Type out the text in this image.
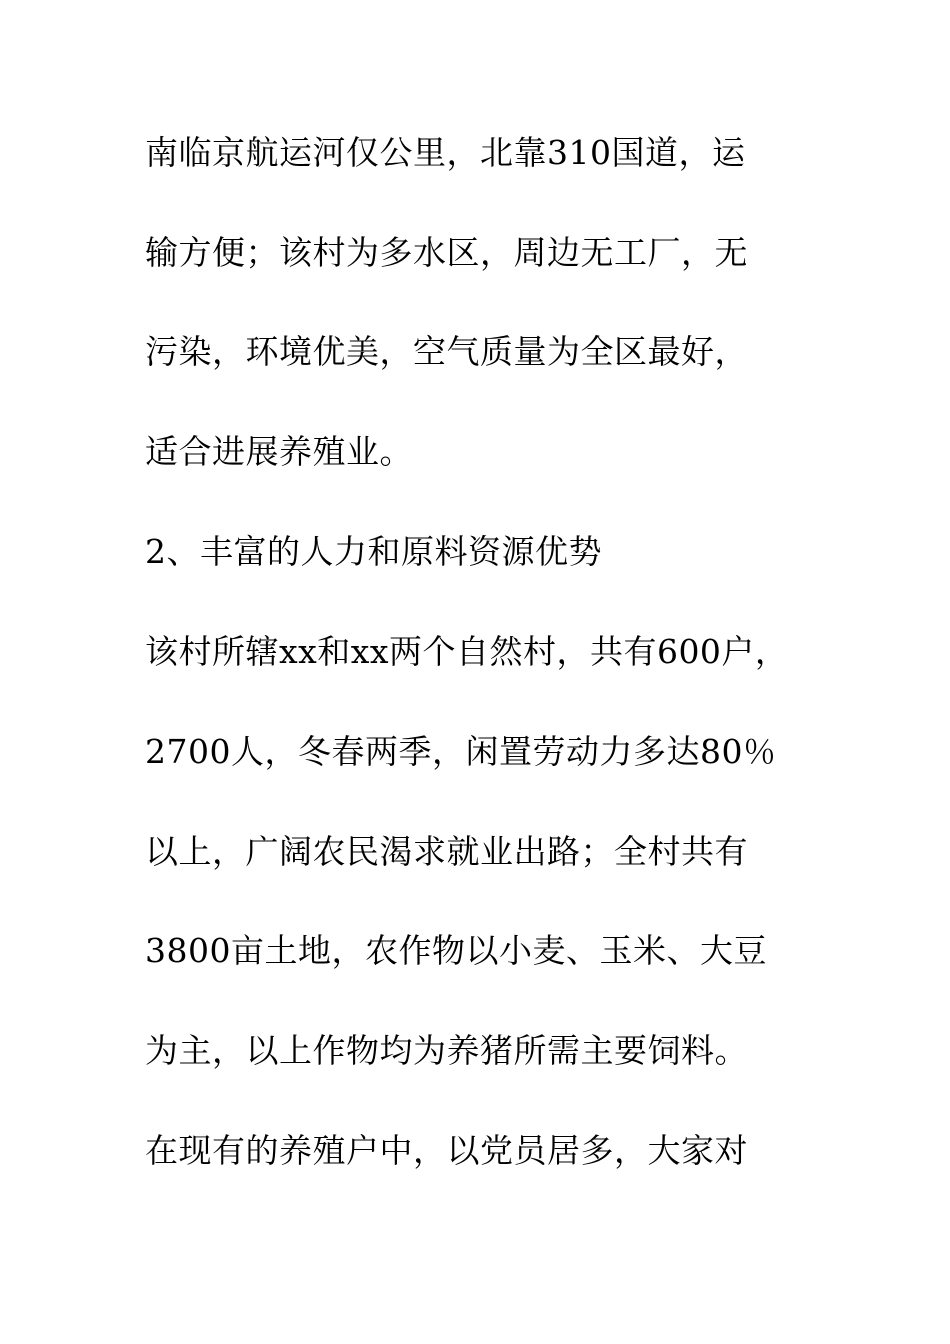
南临京航运河仅公里，北靠310国道，运
输方便；该村为多水区，周边无工厂，无
污染，环境优美，空气质量为全区最好，
适合进展养殖业。
2、丰富的人力和原料资源优势
该村所辖xx和xx两个自然村，共有600户，
2700人，冬春两季，闲置劳动力多达80％
以上，广阔农民渴求就业出路；全村共有
3800亩土地，农作物以小麦、玉米、大豆
为主，以上作物均为养猪所需主要饲料。
在现有的养殖户中，以党员居多，大家对
